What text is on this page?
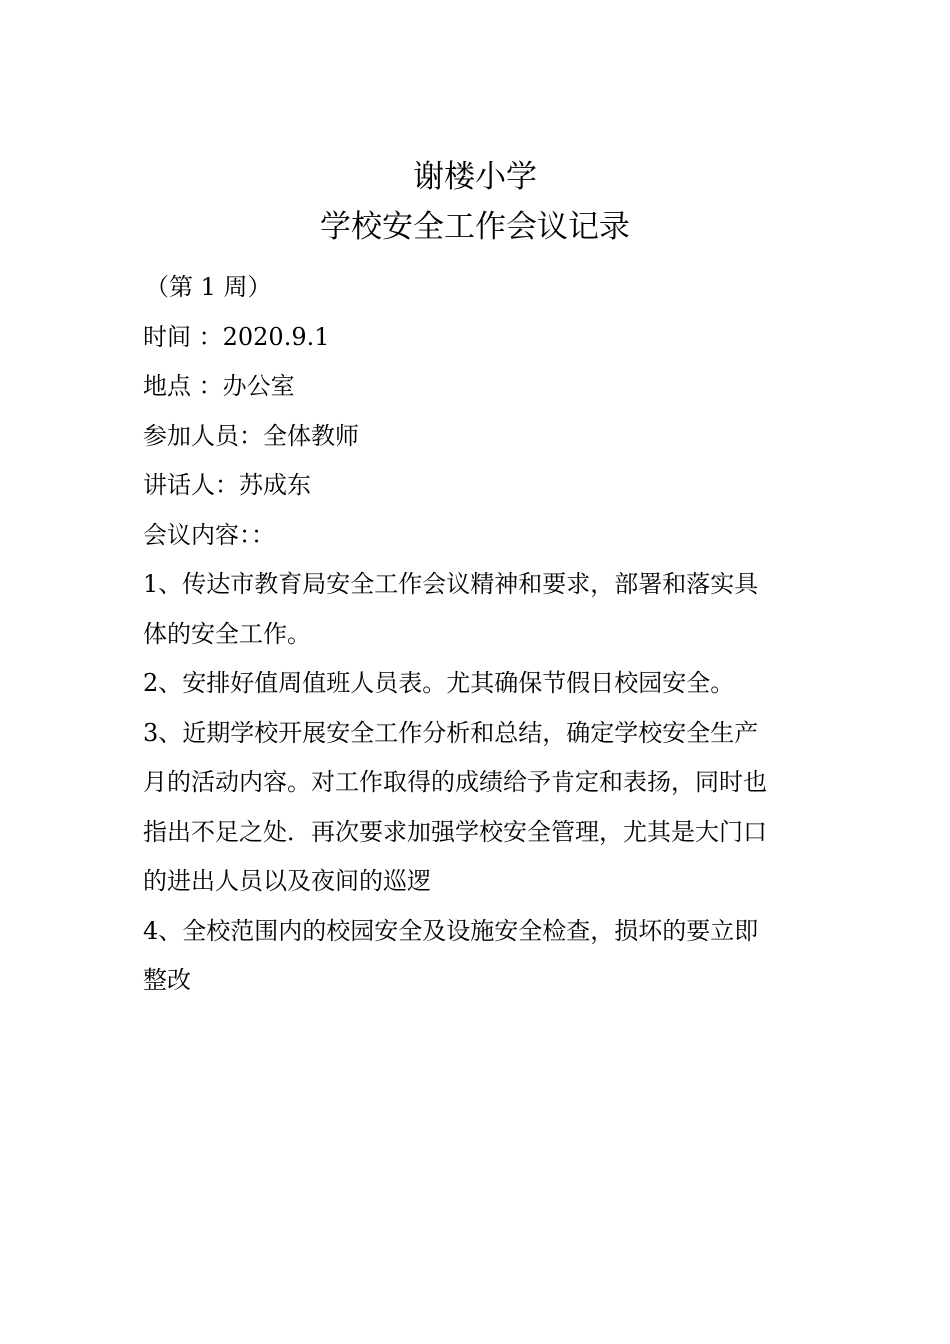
谢楼小学
学校安全工作会议记录
（第 1 周）
时间 ：2020.9.1
地点 ：办公室
参加人员：全体教师
讲话人：苏成东
会议内容：：
1、传达市教育局安全工作会议精神和要求，部署和落实具
体的安全工作。
2、安排好值周值班人员表。尤其确保节假日校园安全。
3、近期学校开展安全工作分析和总结，确定学校安全生产
月的活动内容。对工作取得的成绩给予肯定和表扬，同时也
指出不足之处．再次要求加强学校安全管理，尤其是大门口
的进出人员以及夜间的巡逻
4、全校范围内的校园安全及设施安全检查，损坏的要立即
整改
